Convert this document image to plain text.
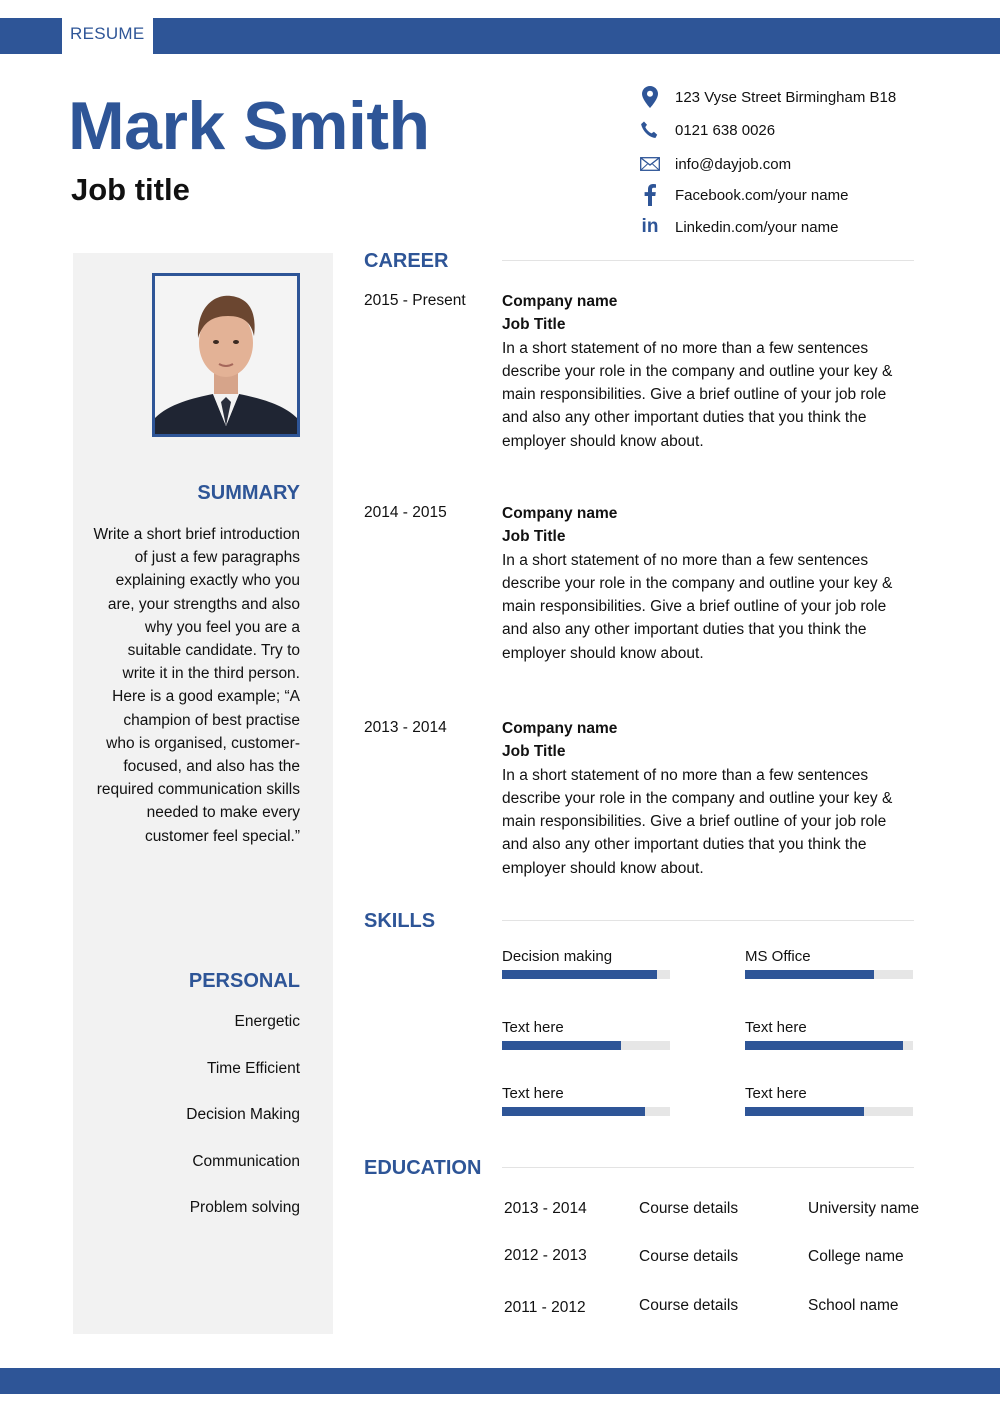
RESUME
Mark Smith
Job title
123 Vyse Street Birmingham B18
0121 638 0026
info@dayjob.com
Facebook.com/your name
in	Linkedin.com/your name
SUMMARY
Write a short brief introduction of just a few paragraphs explaining exactly who you are, your strengths and also why you feel you are a suitable candidate. Try to write it in the third person. Here is a good example; “A champion of best practise who is organised, customer-focused, and also has the required communication skills needed to make every customer feel special.”
PERSONAL
Energetic
Time Efficient
Decision Making
Communication
Problem solving
CAREER
2015 - Present Company name
Job Title
In a short statement of no more than a few sentences describe your role in the company and outline your key & main responsibilities. Give a brief outline of your job role and also any other important duties that you think the employer should know about.
2014 - 2015	Company name
Job Title
In a short statement of no more than a few sentences describe your role in the company and outline your key & main responsibilities. Give a brief outline of your job role and also any other important duties that you think the employer should know about.
2013 - 2014	Company name
Job Title
In a short statement of no more than a few sentences describe your role in the company and outline your key & main responsibilities. Give a brief outline of your job role and also any other important duties that you think the employer should know about.
SKILLS
Decision making	MS Office
Text here	Text here
Text here	Text here
EDUCATION
2013 - 2014	Course details	University name
2012 - 2013	Course details	College name
2011 - 2012	Course details	School name
